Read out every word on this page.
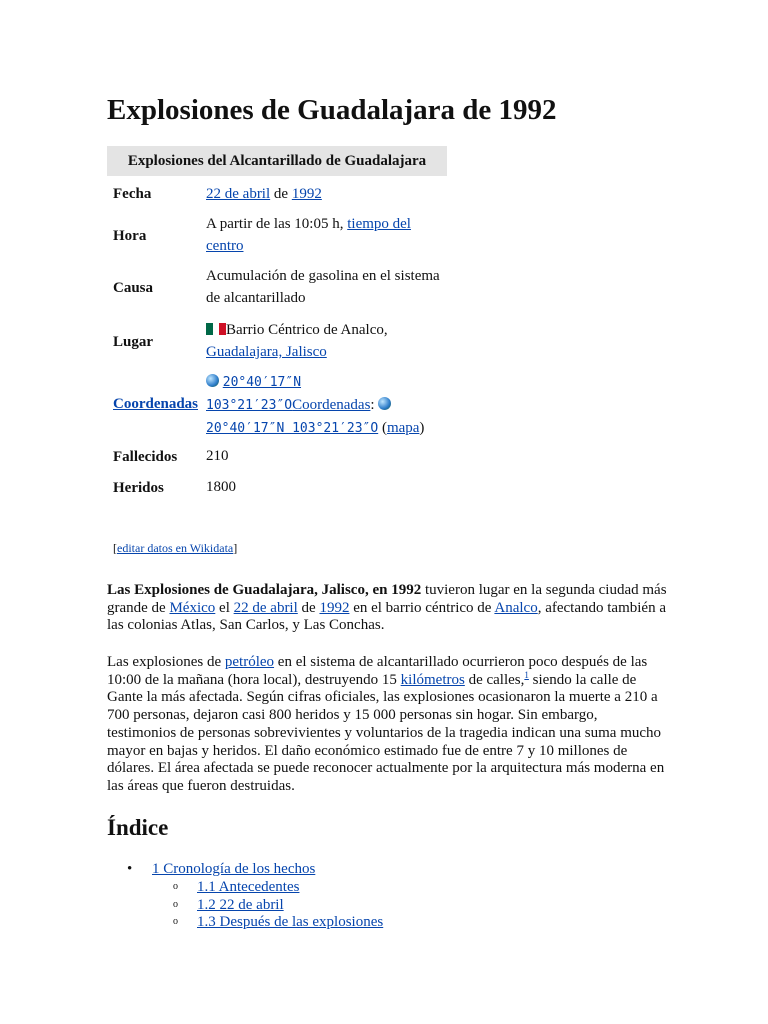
Explosiones de Guadalajara de 1992
Explosiones del Alcantarillado de Guadalajara
Fecha	22 de abril de 1992
Hora
A partir de las 10:05 h, tiempo del centro
Causa
Acumulación de gasolina en el sistema de alcantarillado
Lugar
Barrio Céntrico de Analco, Guadalajara, Jalisco
Coordenadas
20°40′17″N 103°21′23″OCoordenadas:  20°40′17″N 103°21′23″O (mapa)
Fallecidos 210
Heridos	1800
[editar datos en Wikidata]

Las Explosiones de Guadalajara, Jalisco, en 1992 tuvieron lugar en la segunda ciudad más grande de México el 22 de abril de 1992 en el barrio céntrico de Analco, afectando también a las colonias Atlas, San Carlos, y Las Conchas.

Las explosiones de petróleo en el sistema de alcantarillado ocurrieron poco después de las 10:00 de la mañana (hora local), destruyendo 15 kilómetros de calles,$^1$ siendo la calle de Gante la más afectada. Según cifras oficiales, las explosiones ocasionaron la muerte a 210 a 700 personas, dejaron casi 800 heridos y 15 000 personas sin hogar. Sin embargo, testimonios de personas sobrevivientes y voluntarios de la tragedia indican una suma mucho mayor en bajas y heridos. El daño económico estimado fue de entre 7 y 10 millones de dólares. El área afectada se puede reconocer actualmente por la arquitectura más moderna en las áreas que fueron destruidas.

Índice
• 1 Cronología de los hechos
o 1.1 Antecedentes
o 1.2 22 de abril
o 1.3 Después de las explosiones
